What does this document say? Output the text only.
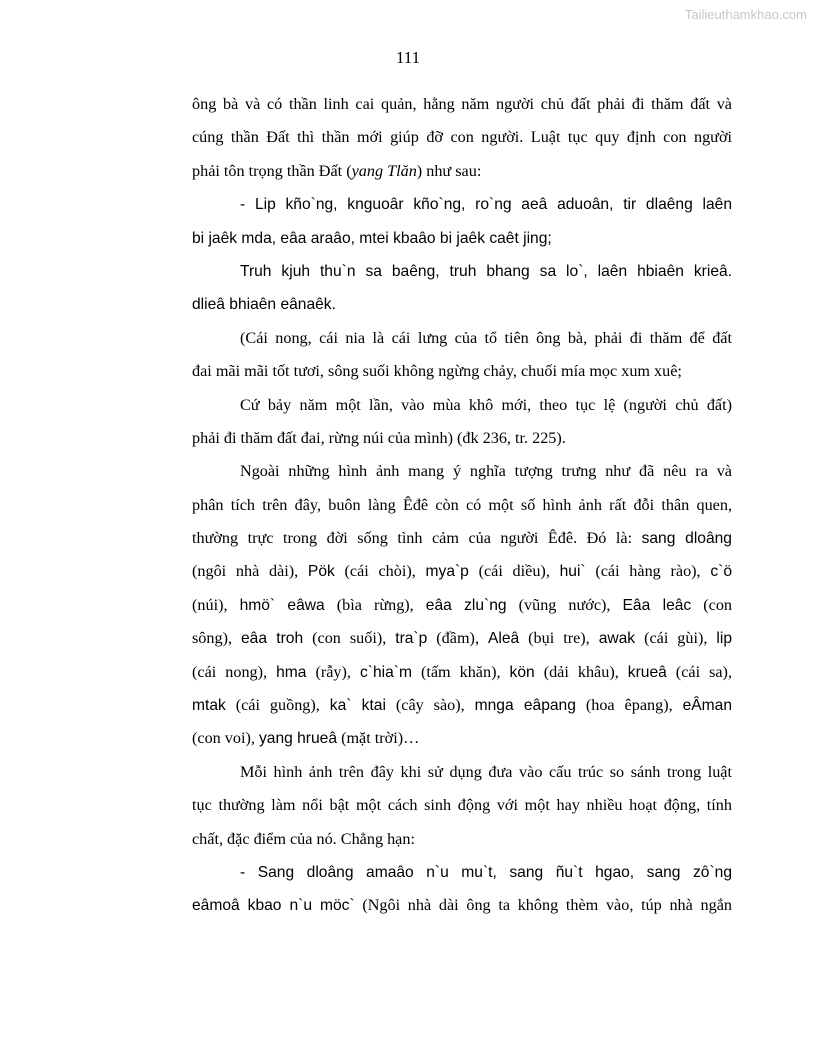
Tailieuthamkhao.com
111
ông bà và có thần linh cai quản, hằng năm người chủ đất phải đi thăm đất và
cúng thần Đất thì thần mới giúp đỡ con người. Luật tục quy định con người
phải tôn trọng thần Đất (yang Tlăn) như sau:
- Lip kño`ng, knguoâr kño`ng, ro`ng aeâ aduoân, tir dlaêng laên
bi jaêk mda, eâa araâo, mtei kbaâo bi jaêk caêt jing;
Truh kjuh thu`n sa baêng, truh bhang sa lo`, laên hbiaên krieâ.
dlieâ bhiaên eânaêk.
(Cái nong, cái nia là cái lưng của tổ tiên ông bà, phải đi thăm để đất
đai mãi mãi tốt tươi, sông suối không ngừng chảy, chuối mía mọc xum xuê;
Cứ bảy năm một lần, vào mùa khô mới, theo tục lệ (người chủ đất)
phải đi thăm đất đai, rừng núi của mình) (đk 236, tr. 225).
Ngoài những hình ảnh mang ý nghĩa tượng trưng như đã nêu ra và
phân tích trên đây, buôn làng Êđê còn có một số hình ảnh rất đỗi thân quen,
thường trực trong đời sống tình cảm của người Êđê. Đó là: sang dloâng
(ngôi nhà dài), Pök (cái chòi), mya`p (cái diều), hui` (cái hàng rào), c`ö
(núi), hmö` eâwa (bìa rừng), eâa zlu`ng (vũng nước), Eâa leâc (con
sông), eâa troh (con suối), tra`p (đầm), Aleâ (bụi tre), awak (cái gùi), lip
(cái nong), hma (rẫy), c`hia`m (tấm khăn), kön (dải khâu), krueâ (cái sa),
mtak (cái guồng), ka` ktai (cây sào), mnga eâpang (hoa êpang), eÂman
(con voi), yang hrueâ (mặt trời)…
Mỗi hình ảnh trên đây khi sử dụng đưa vào cấu trúc so sánh trong luật
tục thường làm nổi bật một cách sinh động với một hay nhiều hoạt động, tính
chất, đặc điểm của nó. Chẳng hạn:
- Sang dloâng amaâo n`u mu`t, sang ñu`t hgao, sang zô`ng
eâmoâ kbao n`u möc` (Ngôi nhà dài ông ta không thèm vào, túp nhà ngắn
